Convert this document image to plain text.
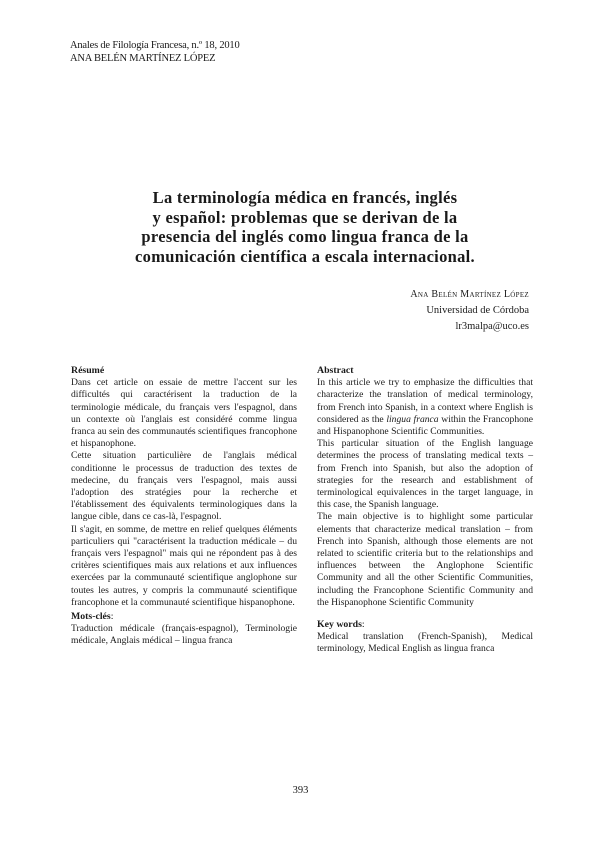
Anales de Filología Francesa, n.º 18, 2010
ANA BELÉN MARTÍNEZ LÓPEZ
La terminología médica en francés, inglés
y español: problemas que se derivan de la
presencia del inglés como lingua franca de la
comunicación científica a escala internacional.
Ana Belén Martínez López
Universidad de Córdoba
lr3malpa@uco.es
Résumé

Dans cet article on essaie de mettre l'accent sur les difficultés qui caractérisent la traduction de la terminologie médicale, du français vers l'espagnol, dans un contexte où l'anglais est considéré comme lingua franca au sein des communautés scientifiques francophone et hispanophone.

Cette situation particulière de l'anglais médical conditionne le processus de traduction des textes de medecine, du français vers l'espagnol, mais aussi l'adoption des stratégies pour la recherche et l'établissement des équivalents terminologiques dans la langue cible, dans ce cas-là, l'espagnol.

Il s'agit, en somme, de mettre en relief quelques éléments particuliers qui "caractérisent la traduction médicale – du français vers l'espagnol" mais qui ne répondent pas à des critères scientifiques mais aux relations et aux influences exercées par la communauté scientifique anglophone sur toutes les autres, y compris la communauté scientifique francophone et la communauté scientifique hispanophone.

Mots-clés:

Traduction médicale (français-espagnol), Terminologie médicale, Anglais médical – lingua franca

Abstract

In this article we try to emphasize the difficulties that characterize the translation of medical terminology, from French into Spanish, in a context where English is considered as the lingua franca within the Francophone and Hispanophone Scientific Communities.

This particular situation of the English language determines the process of translating medical texts – from French into Spanish, but also the adoption of strategies for the research and establishment of terminological equivalences in the target language, in this case, the Spanish language.

The main objective is to highlight some particular elements that characterize medical translation – from French into Spanish, although those elements are not related to scientific criteria but to the relationships and influences between the Anglophone Scientific Community and all the other Scientific Communities, including the Francophone Scientific Community and the Hispanophone Scientific Community

Key words:

Medical translation (French-Spanish), Medical terminology, Medical English as lingua franca

393
